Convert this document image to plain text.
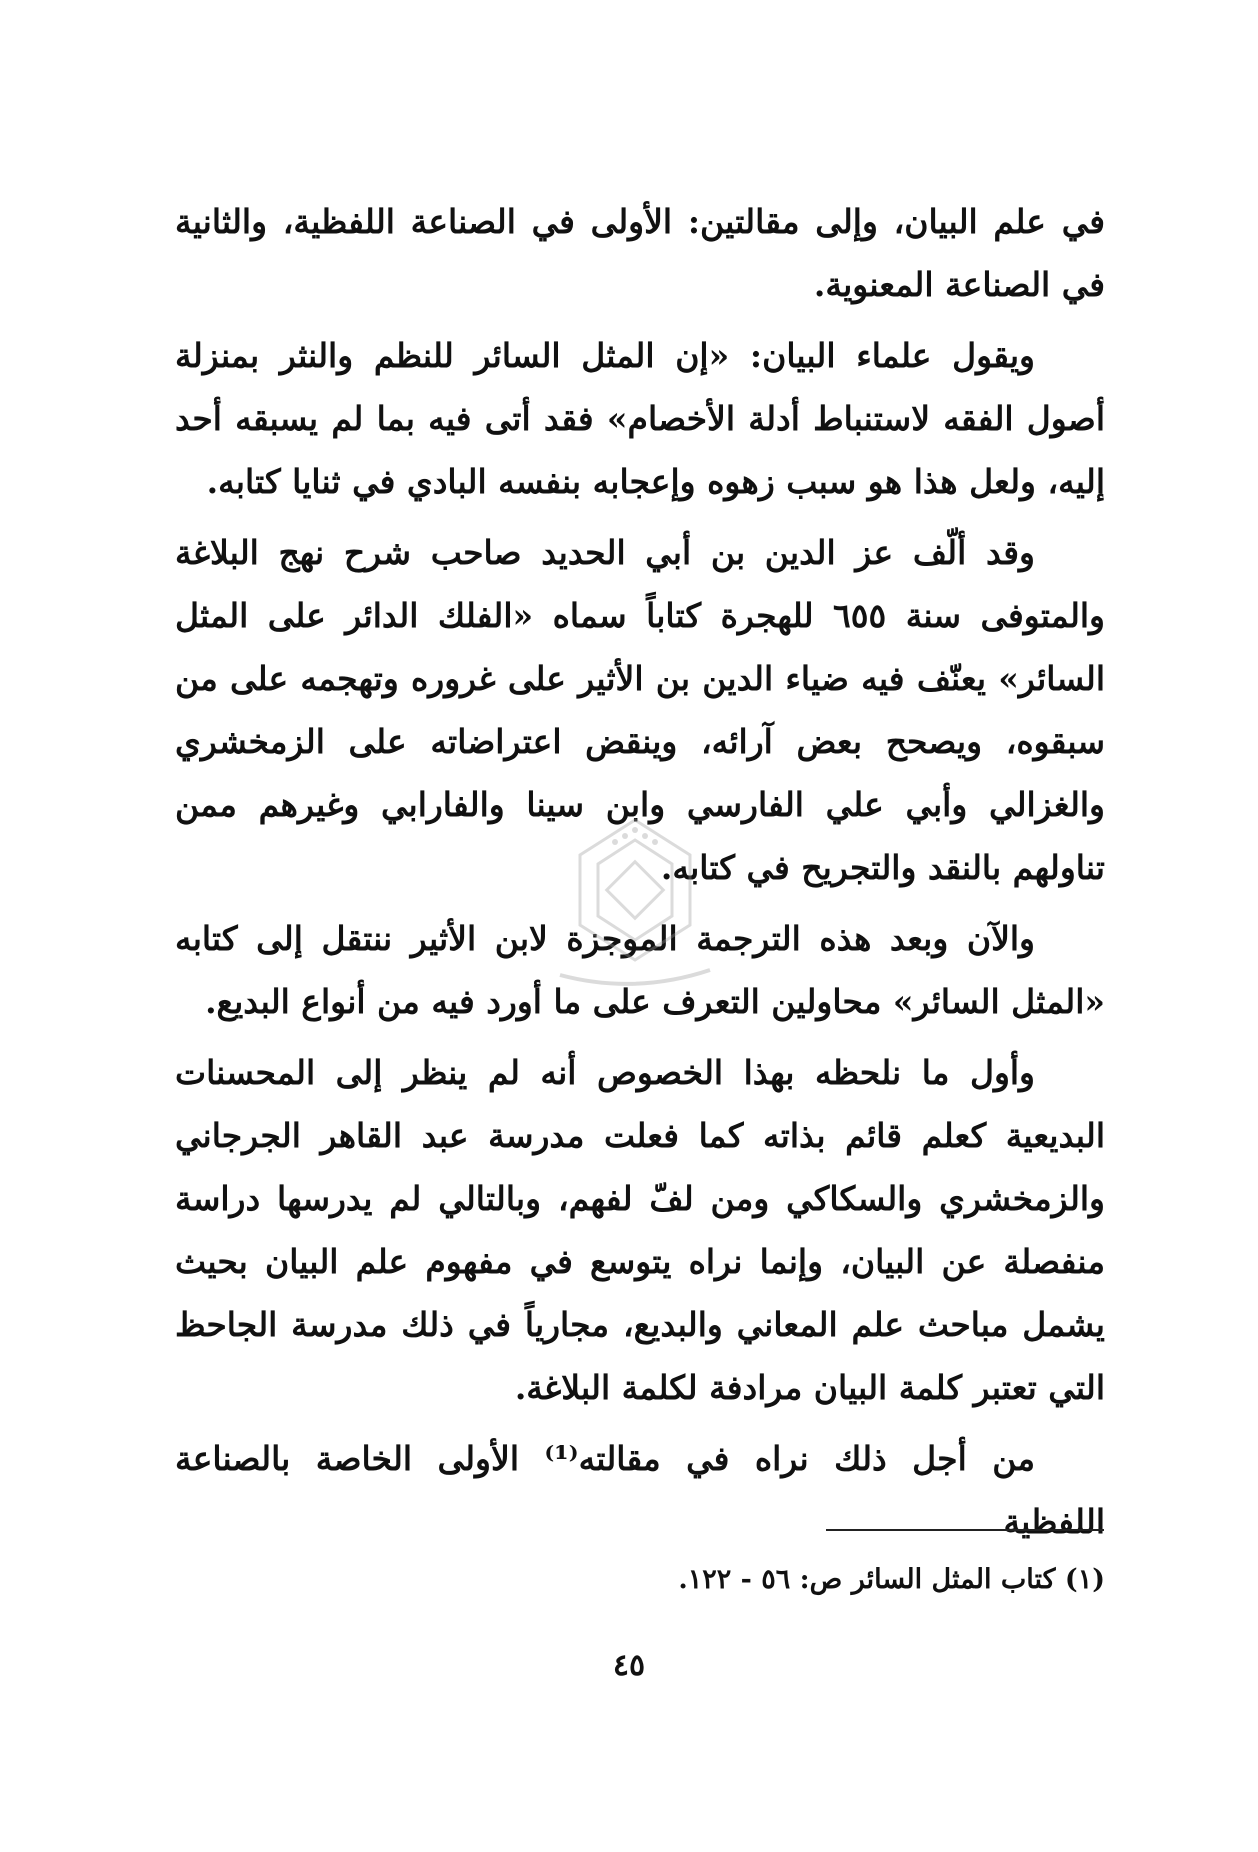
في علم البيان، وإلى مقالتين: الأولى في الصناعة اللفظية، والثانية في الصناعة المعنوية.

ويقول علماء البيان: «إن المثل السائر للنظم والنثر بمنزلة أصول الفقه لاستنباط أدلة الأخصام» فقد أتى فيه بما لم يسبقه أحد إليه، ولعل هذا هو سبب زهوه وإعجابه بنفسه البادي في ثنايا كتابه.

وقد ألّف عز الدين بن أبي الحديد صاحب شرح نهج البلاغة والمتوفى سنة ٦٥٥ للهجرة كتاباً سماه «الفلك الدائر على المثل السائر» يعنّف فيه ضياء الدين بن الأثير على غروره وتهجمه على من سبقوه، ويصحح بعض آرائه، وينقض اعتراضاته على الزمخشري والغزالي وأبي علي الفارسي وابن سينا والفارابي وغيرهم ممن تناولهم بالنقد والتجريح في كتابه.

والآن وبعد هذه الترجمة الموجزة لابن الأثير ننتقل إلى كتابه «المثل السائر» محاولين التعرف على ما أورد فيه من أنواع البديع.

وأول ما نلحظه بهذا الخصوص أنه لم ينظر إلى المحسنات البديعية كعلم قائم بذاته كما فعلت مدرسة عبد القاهر الجرجاني والزمخشري والسكاكي ومن لفّ لفهم، وبالتالي لم يدرسها دراسة منفصلة عن البيان، وإنما نراه يتوسع في مفهوم علم البيان بحيث يشمل مباحث علم المعاني والبديع، مجارياً في ذلك مدرسة الجاحظ التي تعتبر كلمة البيان مرادفة لكلمة البلاغة.

من أجل ذلك نراه في مقالته⁽¹⁾ الأولى الخاصة بالصناعة اللفظية

(١) كتاب المثل السائر ص: ٥٦ - ١٢٢.
٤٥
